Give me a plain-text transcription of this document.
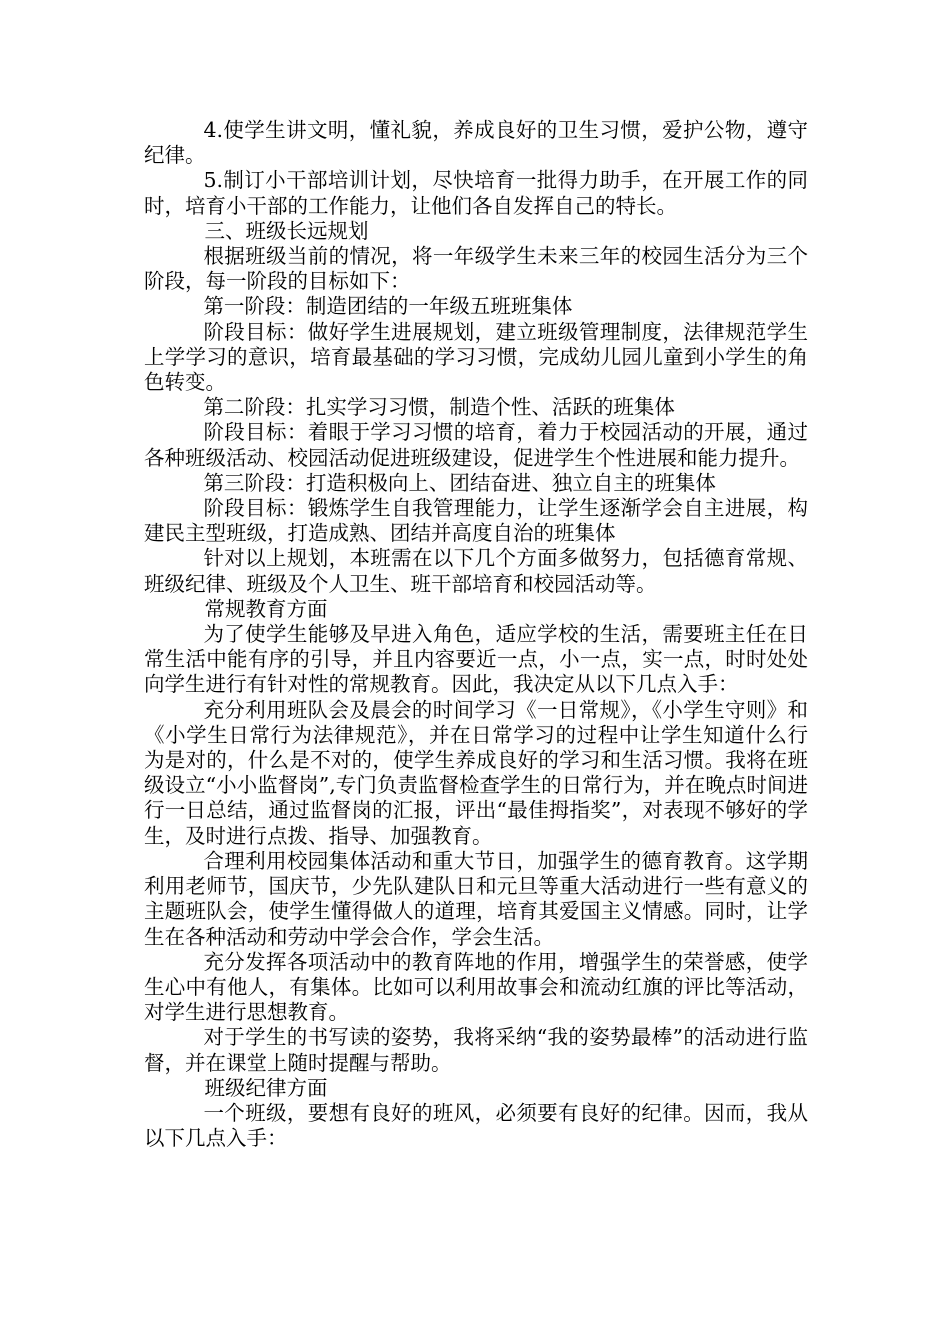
4.使学生讲文明，懂礼貌，养成良好的卫生习惯，爱护公物，遵守纪律。

5.制订小干部培训计划，尽快培育一批得力助手，在开展工作的同时，培育小干部的工作能力，让他们各自发挥自己的特长。

三、班级长远规划

根据班级当前的情况，将一年级学生未来三年的校园生活分为三个阶段，每一阶段的目标如下：

第一阶段：制造团结的一年级五班班集体

阶段目标：做好学生进展规划，建立班级管理制度，法律规范学生上学学习的意识，培育最基础的学习习惯，完成幼儿园儿童到小学生的角色转变。

第二阶段：扎实学习习惯，制造个性、活跃的班集体

阶段目标：着眼于学习习惯的培育，着力于校园活动的开展，通过各种班级活动、校园活动促进班级建设，促进学生个性进展和能力提升。

第三阶段：打造积极向上、团结奋进、独立自主的班集体

阶段目标：锻炼学生自我管理能力，让学生逐渐学会自主进展，构建民主型班级，打造成熟、团结并高度自治的班集体

针对以上规划，本班需在以下几个方面多做努力，包括德育常规、班级纪律、班级及个人卫生、班干部培育和校园活动等。

常规教育方面

为了使学生能够及早进入角色，适应学校的生活，需要班主任在日常生活中能有序的引导，并且内容要近一点，小一点，实一点，时时处处向学生进行有针对性的常规教育。因此，我决定从以下几点入手：

充分利用班队会及晨会的时间学习《一日常规》，《小学生守则》和《小学生日常行为法律规范》，并在日常学习的过程中让学生知道什么行为是对的，什么是不对的，使学生养成良好的学习和生活习惯。我将在班级设立“小小监督岗”,专门负责监督检查学生的日常行为，并在晚点时间进行一日总结，通过监督岗的汇报，评出“最佳拇指奖”，对表现不够好的学生，及时进行点拨、指导、加强教育。

合理利用校园集体活动和重大节日，加强学生的德育教育。这学期利用老师节，国庆节，少先队建队日和元旦等重大活动进行一些有意义的主题班队会，使学生懂得做人的道理，培育其爱国主义情感。同时，让学生在各种活动和劳动中学会合作，学会生活。

充分发挥各项活动中的教育阵地的作用，增强学生的荣誉感，使学生心中有他人，有集体。比如可以利用故事会和流动红旗的评比等活动，对学生进行思想教育。

对于学生的书写读的姿势，我将采纳“我的姿势最棒”的活动进行监督，并在课堂上随时提醒与帮助。

班级纪律方面

一个班级，要想有良好的班风，必须要有良好的纪律。因而，我从以下几点入手：
